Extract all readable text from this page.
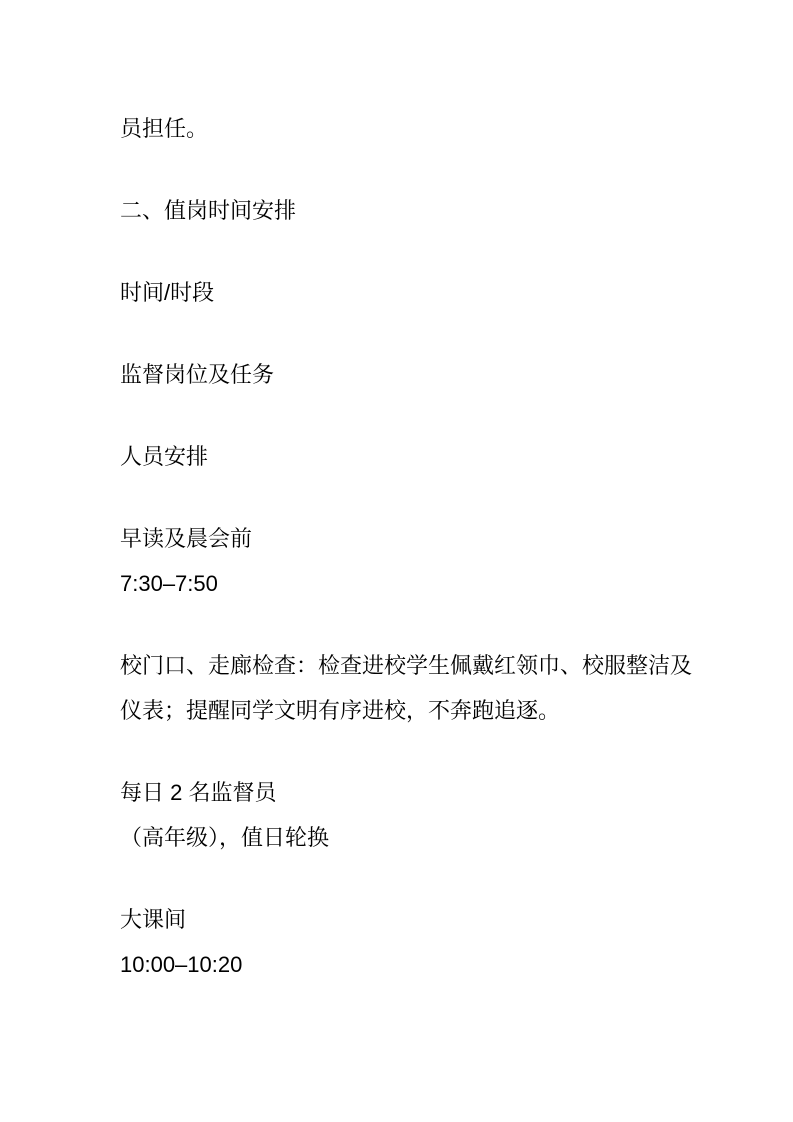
员担任。

二、值岗时间安排

时间/时段

监督岗位及任务

人员安排

早读及晨会前
7:30–7:50

校门口、走廊检查：检查进校学生佩戴红领巾、校服整洁及
仪表；提醒同学文明有序进校，不奔跑追逐。

每日 2 名监督员
（高年级），值日轮换

大课间
10:00–10:20
